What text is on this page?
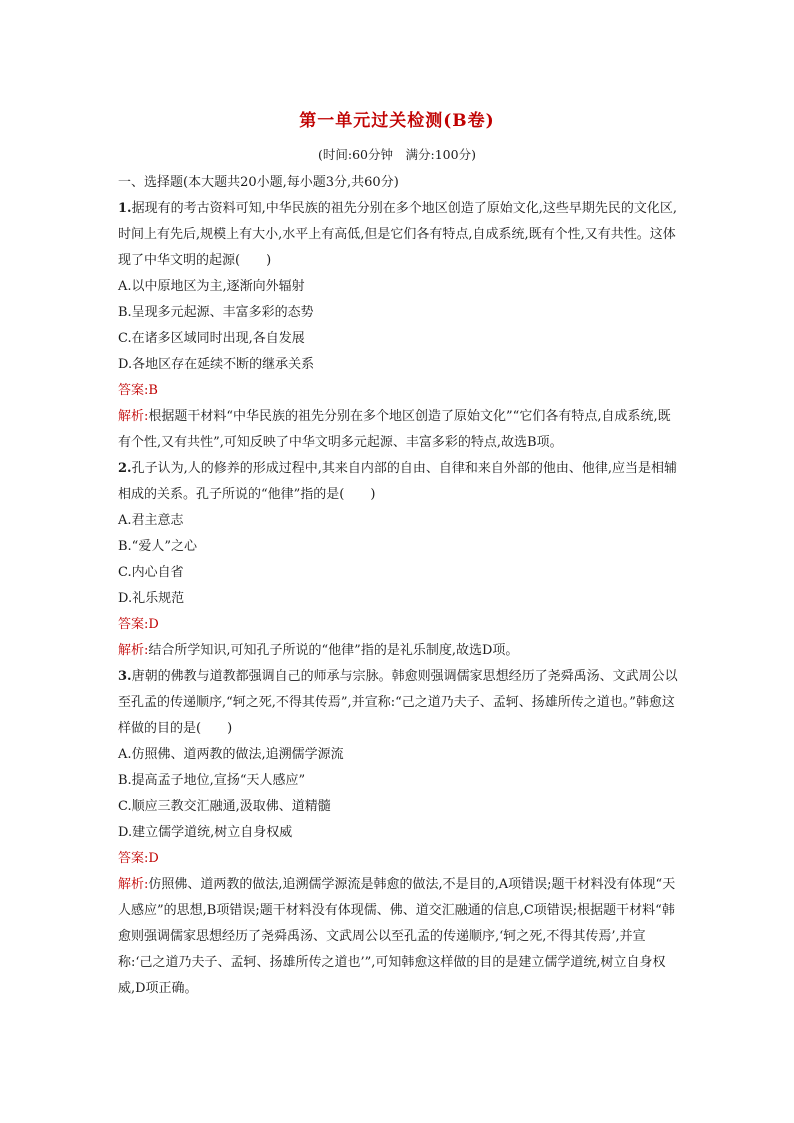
第一单元过关检测(B卷)
(时间:60分钟　满分:100分)

一、选择题(本大题共20小题,每小题3分,共60分)

1.据现有的考古资料可知,中华民族的祖先分别在多个地区创造了原始文化,这些早期先民的文化区,时间上有先后,规模上有大小,水平上有高低,但是它们各有特点,自成系统,既有个性,又有共性。这体现了中华文明的起源(　　)

A.以中原地区为主,逐渐向外辐射

B.呈现多元起源、丰富多彩的态势

C.在诸多区域同时出现,各自发展

D.各地区存在延续不断的继承关系

答案:B

解析:根据题干材料“中华民族的祖先分别在多个地区创造了原始文化”“它们各有特点,自成系统,既有个性,又有共性”,可知反映了中华文明多元起源、丰富多彩的特点,故选B项。

2.孔子认为,人的修养的形成过程中,其来自内部的自由、自律和来自外部的他由、他律,应当是相辅相成的关系。孔子所说的“他律”指的是(　　)

A.君主意志

B.“爱人”之心

C.内心自省

D.礼乐规范

答案:D

解析:结合所学知识,可知孔子所说的“他律”指的是礼乐制度,故选D项。

3.唐朝的佛教与道教都强调自己的师承与宗脉。韩愈则强调儒家思想经历了尧舜禹汤、文武周公以至孔孟的传递顺序,“轲之死,不得其传焉”,并宣称:“己之道乃夫子、孟轲、扬雄所传之道也。”韩愈这样做的目的是(　　)

A.仿照佛、道两教的做法,追溯儒学源流

B.提高孟子地位,宣扬“天人感应”

C.顺应三教交汇融通,汲取佛、道精髓

D.建立儒学道统,树立自身权威

答案:D

解析:仿照佛、道两教的做法,追溯儒学源流是韩愈的做法,不是目的,A项错误;题干材料没有体现“天人感应”的思想,B项错误;题干材料没有体现儒、佛、道交汇融通的信息,C项错误;根据题干材料“韩愈则强调儒家思想经历了尧舜禹汤、文武周公以至孔孟的传递顺序,‘轲之死,不得其传焉’,并宣称:‘己之道乃夫子、孟轲、扬雄所传之道也’”,可知韩愈这样做的目的是建立儒学道统,树立自身权威,D项正确。
